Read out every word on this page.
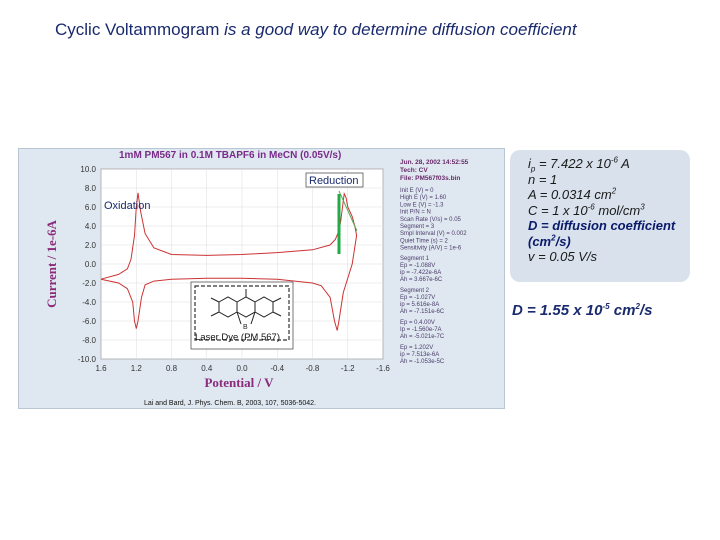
Cyclic Voltammogram is a good way to determine diffusion coefficient
1mM PM567 in 0.1M TBAPF6 in MeCN (0.05V/s)
10.0
8.0
6.0
4.0
2.0
0.0
-2.0
-4.0
-6.0
-8.0
-10.0
1.6	1.2	0.8	0.4	0.0	-0.4	-0.8	-1.2	-1.6
Current / 1e-6A
Potential / V
Reduction
Oxidation
B
Laser Dye (PM 567)
Lai and Bard, J. Phys. Chem. B, 2003, 107, 5036-5042.
Jun. 28, 2002 14:52:55
Tech: CV
File: PM567f03s.bin
Init E (V) = 0
High E (V) = 1.60
Low E (V) = -1.3
Init P/N = N
Scan Rate (V/s) = 0.05
Segment = 3
Smpl Interval (V) = 0.002
Quiet Time (s) = 2
Sensitivity (A/V) = 1e-6
Segment 1
Ep = -1.088V
ip = -7.422e-6A
Ah = 3.667e-6C
Segment 2
Ep = -1.027V
ip = 5.616e-8A
Ah = -7.151e-6C
Ep = 0.4.00V
Ip = -1.560e-7A
Ah = -5.021e-7C
Ep = 1.202V
ip = 7.513e-6A
Ah = -1.053e-5C
$i_p = 7.422$ x $10^{-6}$ A
n = 1
A = 0.0314 $cm^2$
C = 1 x $10^{-6}$ mol/$cm^3$
D = diffusion coefficient $(cm^2/s)$
v = 0.05 V/s
D = 1.55 x $10^{-5}$ $cm^2/s$
